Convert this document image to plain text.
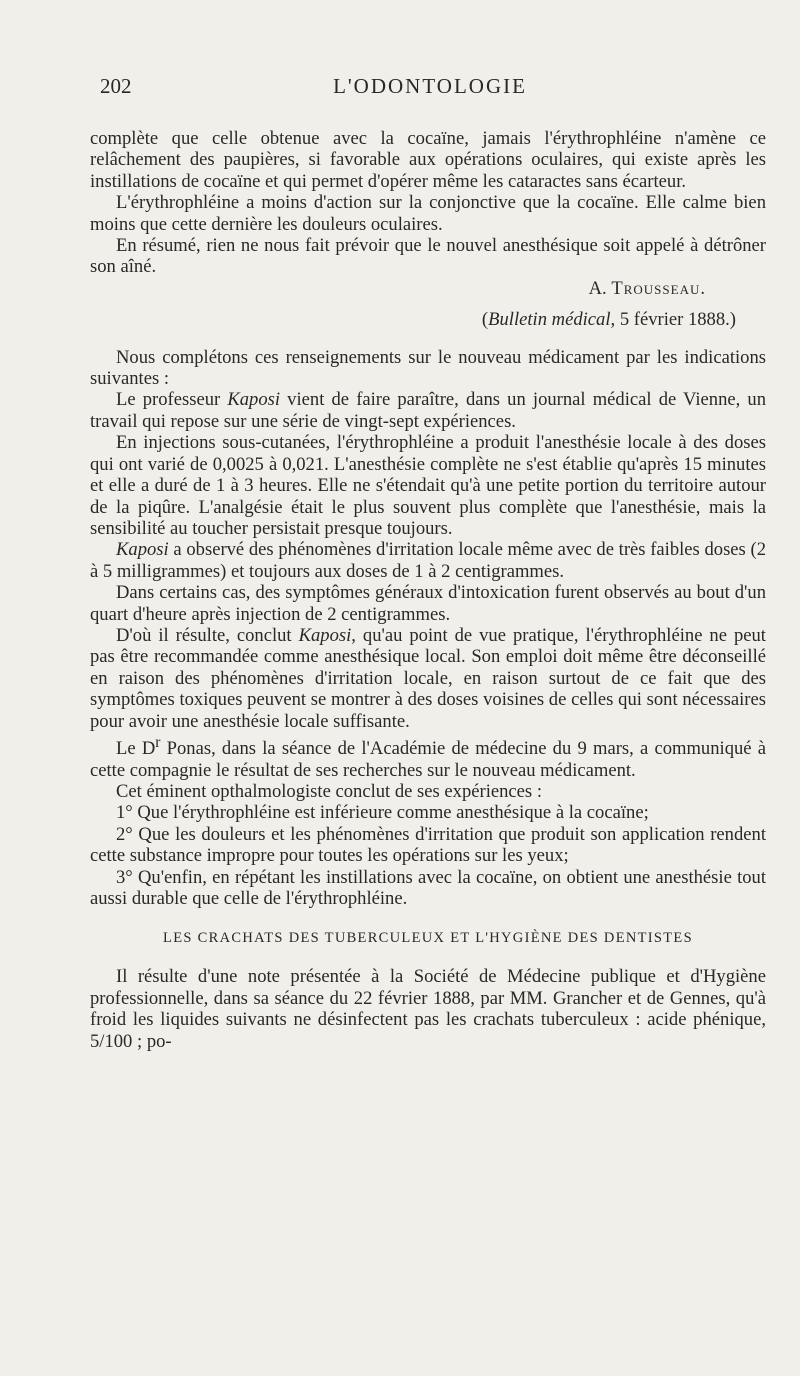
202	L'ODONTOLOGIE

complète que celle obtenue avec la cocaïne, jamais l'érythrophléine n'amène ce relâchement des paupières, si favorable aux opérations oculaires, qui existe après les instillations de cocaïne et qui permet d'opérer même les cataractes sans écarteur.

L'érythrophléine a moins d'action sur la conjonctive que la cocaïne. Elle calme bien moins que cette dernière les douleurs oculaires.

En résumé, rien ne nous fait prévoir que le nouvel anesthésique soit appelé à détrôner son aîné.

A. Trousseau.

(Bulletin médical, 5 février 1888.)

Nous complétons ces renseignements sur le nouveau médicament par les indications suivantes :

Le professeur Kaposi vient de faire paraître, dans un journal médical de Vienne, un travail qui repose sur une série de vingt-sept expériences.

En injections sous-cutanées, l'érythrophléine a produit l'anesthésie locale à des doses qui ont varié de 0,0025 à 0,021. L'anesthésie complète ne s'est établie qu'après 15 minutes et elle a duré de 1 à 3 heures. Elle ne s'étendait qu'à une petite portion du territoire autour de la piqûre. L'analgésie était le plus souvent plus complète que l'anesthésie, mais la sensibilité au toucher persistait presque toujours.

Kaposi a observé des phénomènes d'irritation locale même avec de très faibles doses (2 à 5 milligrammes) et toujours aux doses de 1 à 2 centigrammes.

Dans certains cas, des symptômes généraux d'intoxication furent observés au bout d'un quart d'heure après injection de 2 centigrammes.

D'où il résulte, conclut Kaposi, qu'au point de vue pratique, l'érythrophléine ne peut pas être recommandée comme anesthésique local. Son emploi doit même être déconseillé en raison des phénomènes d'irritation locale, en raison surtout de ce fait que des symptômes toxiques peuvent se montrer à des doses voisines de celles qui sont nécessaires pour avoir une anesthésie locale suffisante.

Le $D^r$ Ponas, dans la séance de l'Académie de médecine du 9 mars, a communiqué à cette compagnie le résultat de ses recherches sur le nouveau médicament.

Cet éminent opthalmologiste conclut de ses expériences :

1° Que l'érythrophléine est inférieure comme anesthésique à la cocaïne;

2° Que les douleurs et les phénomènes d'irritation que produit son application rendent cette substance impropre pour toutes les opérations sur les yeux;

3° Qu'enfin, en répétant les instillations avec la cocaïne, on obtient une anesthésie tout aussi durable que celle de l'érythrophléine.

LES CRACHATS DES TUBERCULEUX ET L'HYGIÈNE DES DENTISTES

Il résulte d'une note présentée à la Société de Médecine publique et d'Hygiène professionnelle, dans sa séance du 22 février 1888, par MM. Grancher et de Gennes, qu'à froid les liquides suivants ne désinfectent pas les crachats tuberculeux : acide phénique, 5/100 ; po-
